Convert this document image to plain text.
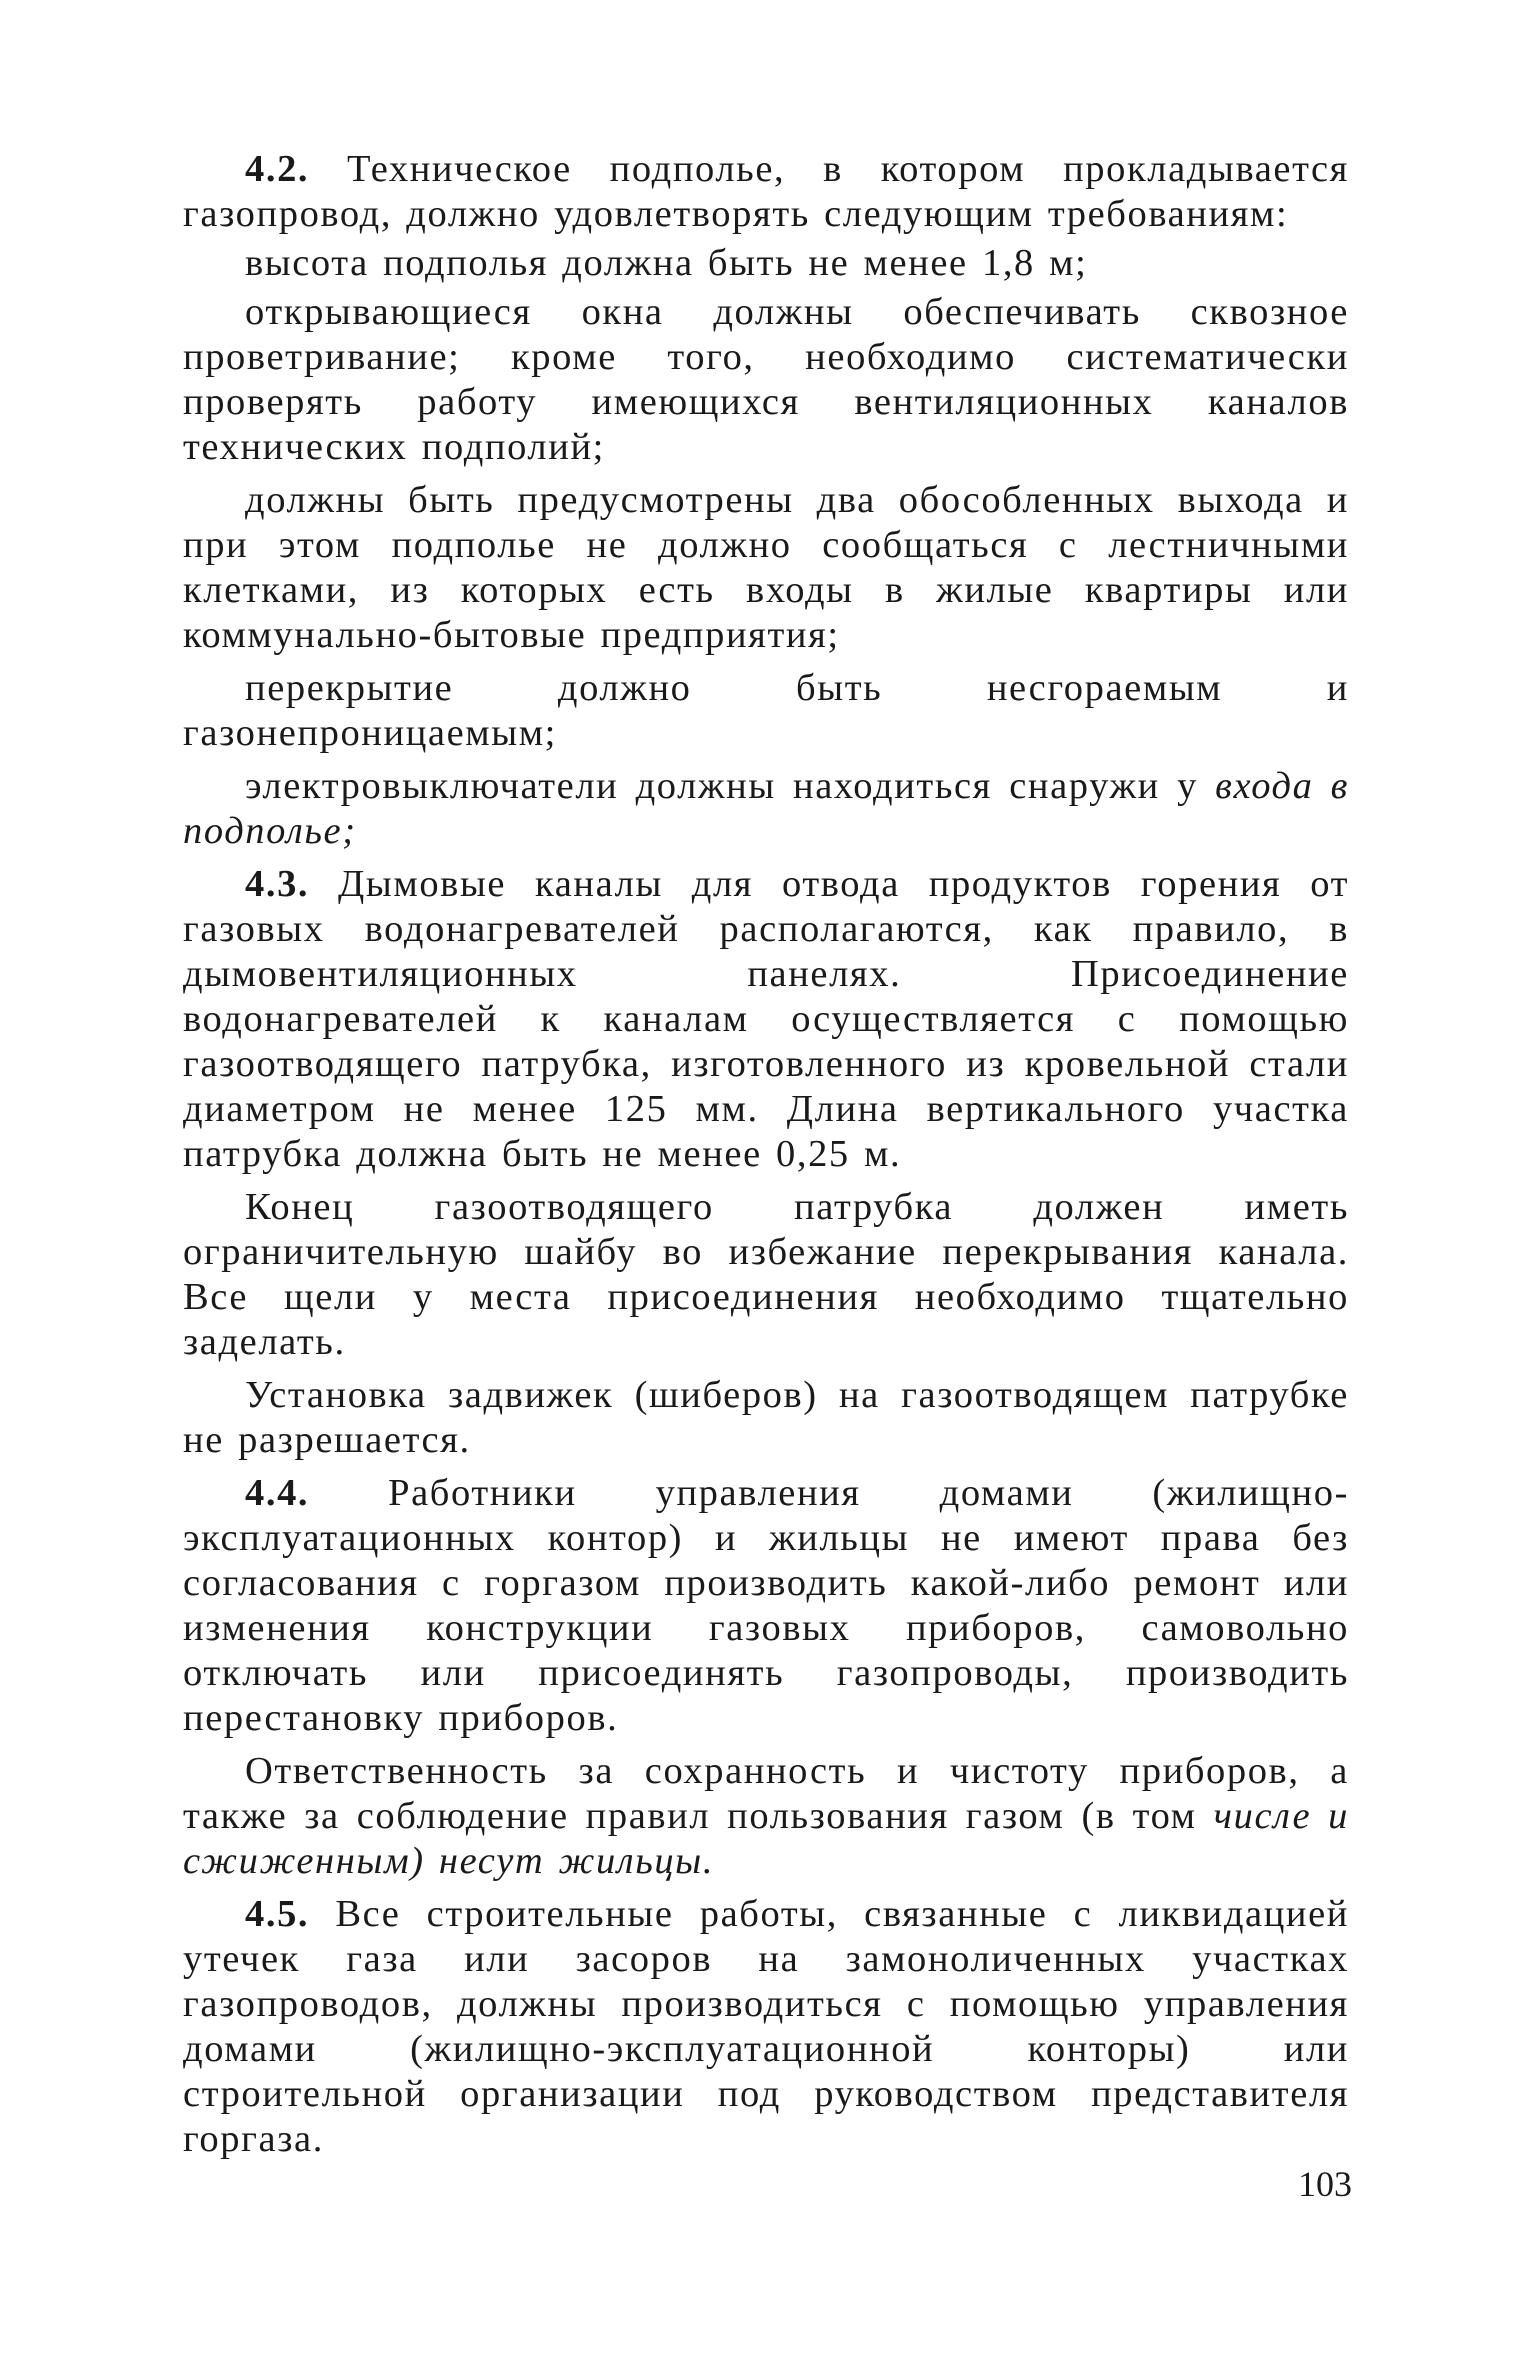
4.2. Техническое подполье, в котором прокладывается газопровод, должно удовлетворять следующим требованиям:

высота подполья должна быть не менее 1,8 м;

открывающиеся окна должны обеспечивать сквозное проветривание; кроме того, необходимо систематически проверять работу имеющихся вентиляционных каналов технических подполий;

должны быть предусмотрены два обособленных выхода и при этом подполье не должно сообщаться с лестничными клетками, из которых есть входы в жилые квартиры или коммунально-бытовые предприятия;

перекрытие должно быть несгораемым и газонепроницаемым;

электровыключатели должны находиться снаружи у входа в подполье;

4.3. Дымовые каналы для отвода продуктов горения от газовых водонагревателей располагаются, как правило, в дымовентиляционных панелях. Присоединение водонагревателей к каналам осуществляется с помощью газоотводящего патрубка, изготовленного из кровельной стали диаметром не менее 125 мм. Длина вертикального участка патрубка должна быть не менее 0,25 м.

Конец газоотводящего патрубка должен иметь ограничительную шайбу во избежание перекрывания канала. Все щели у места присоединения необходимо тщательно заделать.

Установка задвижек (шиберов) на газоотводящем патрубке не разрешается.

4.4. Работники управления домами (жилищно-эксплуатационных контор) и жильцы не имеют права без согласования с горгазом производить какой-либо ремонт или изменения конструкции газовых приборов, самовольно отключать или присоединять газопроводы, производить перестановку приборов.

Ответственность за сохранность и чистоту приборов, а также за соблюдение правил пользования газом (в том числе и сжиженным) несут жильцы.

4.5. Все строительные работы, связанные с ликвидацией утечек газа или засоров на замоноличенных участках газопроводов, должны производиться с помощью управления домами (жилищно-эксплуатационной конторы) или строительной организации под руководством представителя горгаза.

103
